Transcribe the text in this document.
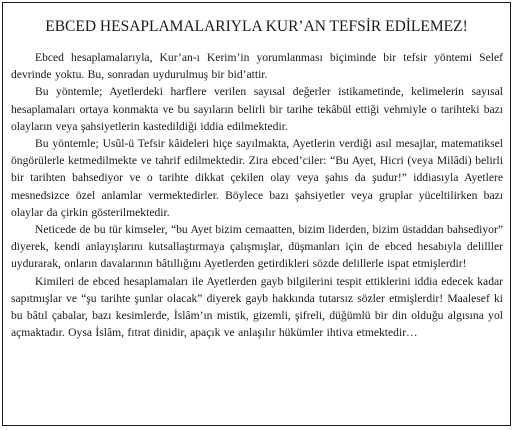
EBCED HESAPLAMALARIYLA KUR’AN TEFSİR EDİLEMEZ!

Ebced hesaplamalarıyla, Kur’an-ı Kerim’in yorumlanması biçiminde bir tefsir yöntemi Selef devrinde yoktu. Bu, sonradan uydurulmuş bir bid’attir.

Bu yöntemle; Ayetlerdeki harflere verilen sayısal değerler istikametinde, kelimelerin sayısal hesaplamaları ortaya konmakta ve bu sayıların belirli bir tarihe tekâbül ettiği vehmiyle o tarihteki bazı olayların veya şahsiyetlerin kastedildiği iddia edilmektedir.

Bu yöntemle; Usûl-ü Tefsir kâideleri hiçe sayılmakta, Ayetlerin verdiği asıl mesajlar, matematiksel öngörülerle ketmedilmekte ve tahrif edilmektedir. Zira ebced’ciler: “Bu Ayet, Hicri (veya Milâdi) belirli bir tarihten bahsediyor ve o tarihte dikkat çekilen olay veya şahıs da şudur!” iddiasıyla Ayetlere mesnedsizce özel anlamlar vermektedirler. Böylece bazı şahsiyetler veya gruplar yüceltilirken bazı olaylar da çirkin gösterilmektedir.

Neticede de bu tür kimseler, “bu Ayet bizim cemaatten, bizim liderden, bizim üstaddan bahsediyor” diyerek, kendi anlayışlarını kutsallaştırmaya çalışmışlar, düşmanları için de ebced hesabıyla delilller uydurarak, onların davalarının bâtıllığını Ayetlerden getirdikleri sözde delillerle ispat etmişlerdir!

Kimileri de ebced hesaplamaları ile Ayetlerden gayb bilgilerini tespit ettiklerini iddia edecek kadar sapıtmışlar ve “şu tarihte şunlar olacak” diyerek gayb hakkında tutarsız sözler etmişlerdir! Maalesef ki bu bâtıl çabalar, bazı kesimlerde, İslâm’ın mistik, gizemli, şifreli, düğümlü bir din olduğu algısına yol açmaktadır. Oysa İslâm, fıtrat dinidir, apaçık ve anlaşılır hükümler ihtiva etmektedir…
